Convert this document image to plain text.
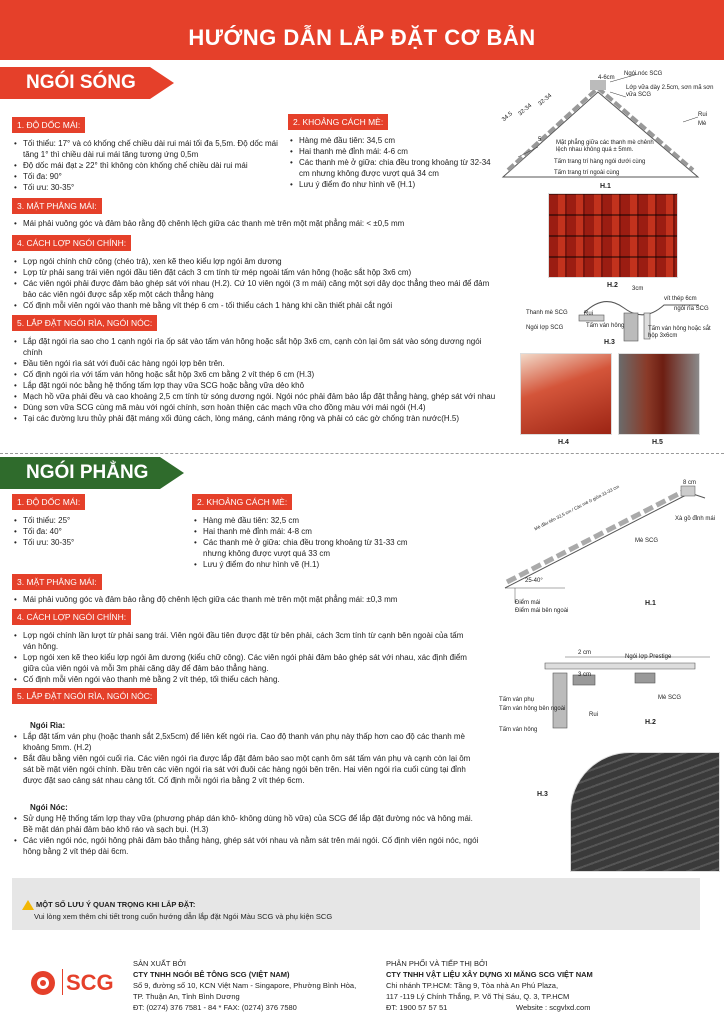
HƯỚNG DẪN LẮP ĐẶT CƠ BẢN
NGÓI SÓNG
1. ĐỘ DỐC MÁI:
• Tối thiểu: 17° và có khống chế chiều dài rui mái tối đa 5,5m. Độ dốc mái tăng 1° thì chiều dài rui mái tăng tương ứng 0,5m
• Độ dốc mái đạt ≥ 22° thì không còn khống chế chiều dài rui mái
• Tối đa: 90°
• Tối ưu: 30-35°
2. KHOẢNG CÁCH MÈ:
• Hàng mè đầu tiên: 34,5 cm
• Hai thanh mè đỉnh mái: 4-6 cm
• Các thanh mè ở giữa: chia đều trong khoảng từ 32-34 cm nhưng không được vượt quá 34 cm
• Lưu ý điểm đo như hình vẽ (H.1)
3. MẶT PHẲNG MÁI:
• Mái phải vuông góc và đảm bảo rằng độ chênh lệch giữa các thanh mè trên một mặt phẳng mái: < ±0,5 mm
4. CÁCH LỢP NGÓI CHÍNH:
• Lợp ngói chính chữ công (chéo trả), xen kẽ theo kiểu lợp ngói âm dương
• Lợp từ phải sang trái viên ngói đầu tiên đặt cách 3 cm tính từ mép ngoài tấm ván hông (hoặc sắt hộp 3x6 cm)
• Các viên ngói phải được đảm bảo ghép sát với nhau (H.2). Cứ 10 viên ngói (3 m mái) căng một sợi dây dọc thẳng theo mái để đảm bảo các viên ngói được sắp xếp một cách thẳng hàng
• Cố định mỗi viên ngói vào thanh mè bằng vít thép 6 cm - tối thiểu cách 1 hàng khi cần thiết phải cắt ngói
5. LẮP ĐẶT NGÓI RÌA, NGÓI NÓC:
• Lắp đặt ngói rìa sao cho 1 cạnh ngói rìa ốp sát vào tấm ván hông hoặc sắt hộp 3x6 cm, cạnh còn lại ôm sát vào sóng dương ngói chính
• Đầu tiên ngói rìa sát với đuôi các hàng ngói lợp bên trên.
• Cố định ngói rìa với tấm ván hông hoặc sắt hộp 3x6 cm bằng 2 vít thép 6 cm (H.3)
• Lắp đặt ngói nóc bằng hệ thống tấm lợp thay vữa SCG hoặc bằng vữa dẻo khô
• Mạch hồ vữa phải đều và cao khoảng 2,5 cm tính từ sóng dương ngói. Ngói nóc phải đảm bảo lắp đặt thẳng hàng, ghép sát với nhau
• Dùng sơn vữa SCG cùng mã màu với ngói chính, sơn hoàn thiện các mạch vữa cho đồng màu với mái ngói (H.4)
• Tại các đường lưu thủy phải đặt máng xối đúng cách, lòng máng, cánh máng rộng và phải có các gờ chống tràn nước(H.5)
Ngói nóc SCG
4-6cm
Lớp vữa dày 2.5cm, sơn mã sơn vữa SCG
34.5 32-34
32-34
Rui
Mè
5 Mặt phẳng giữa các thanh mè chênh lệch nhau không quá ± 5mm.
Tấm trang trí hàng ngói dưới cùng
Tấm trang trí ngoài cùng
H.1
H.2 3cm
vít thép 6cm
ngói rìa SCG
Thanh mè SCG	Rui
Ngói lợp SCG	Tấm ván hông	Tấm ván hông hoặc sắt hộp 3x6cm
H.3
H.4	H.5
NGÓI PHẲNG
1. ĐỘ DỐC MÁI:
• Tối thiểu: 25°
• Tối đa: 40°
• Tối ưu: 30-35°
2. KHOẢNG CÁCH MÈ:
• Hàng mè đầu tiên: 32,5 cm
• Hai thanh mè đỉnh mái: 4-8 cm
• Các thanh mè ở giữa: chia đều trong khoảng từ 31-33 cm nhưng không được vượt quá 33 cm
• Lưu ý điểm đo như hình vẽ (H.1)
3. MẶT PHẲNG MÁI:
• Mái phải vuông góc và đảm bảo rằng độ chênh lệch giữa các thanh mè trên một mặt phẳng mái: ±0,3 mm
4. CÁCH LỢP NGÓI CHÍNH:
• Lợp ngói chính lần lượt từ phải sang trái. Viên ngói đầu tiên được đặt từ bên phải, cách 3cm tính từ cạnh bên ngoài của tấm ván hông.
• Lợp ngói xen kẽ theo kiểu lợp ngói âm dương (kiểu chữ công). Các viên ngói phải đảm bảo ghép sát với nhau, xác định điểm giữa của viên ngói và mỗi 3m phải căng dây để đảm bảo thẳng hàng.
• Cố định mỗi viên ngói vào thanh mè bằng 2 vít thép, tối thiểu cách hàng.
5. LẮP ĐẶT NGÓI RÌA, NGÓI NÓC:

Ngói Rìa:

• Lắp đặt tấm ván phụ (hoặc thanh sắt 2,5x5cm) để liên kết ngói rìa. Cao độ thanh ván phụ này thấp hơn cao độ các thanh mè khoảng 5mm. (H.2)
• Bắt đầu bằng viên ngói cuối rìa. Các viên ngói rìa được lắp đặt đảm bảo sao một cạnh ôm sát tấm ván phụ và cạnh còn lại ôm sát bề mặt viên ngói chính. Đầu trên các viên ngói rìa sát với đuôi các hàng ngói bên trên. Hai viên ngói rìa cuối cùng tại đỉnh được đặt sao cảng sát nhau càng tốt. Cố định mỗi ngói rìa bằng 2 vít thép 6cm.

Ngói Nóc:

• Sử dụng Hệ thống tấm lợp thay vữa (phương pháp dán khô- không dùng hồ vữa) của SCG để lắp đặt đường nóc và hông mái. Bề mặt dán phải đảm bảo khô ráo và sạch bụi. (H.3)
• Các viên ngói nóc, ngói hông phải đảm bảo thẳng hàng, ghép sát với nhau và nằm sát trên mái ngói. Cố định viên ngói nóc, ngói hông bằng 2 vít thép dài 6cm.
8 cm
Xà gồ đỉnh mái
Mè SCG
25-40°
Mè đầu tiên 32,5 cm / Các mè ở giữa 31-33 cm
Điểm mái
Điểm mái bên ngoài
H.1
2 cm
3 cm
Ngói lợp Prestige
Mè SCG
Tấm ván phụ
Tấm ván hông bên ngoài
Rui
Tấm ván hông
H.2
H.3
MỘT SỐ LƯU Ý QUAN TRỌNG KHI LẮP ĐẶT:
Vui lòng xem thêm chi tiết trong cuốn hướng dẫn lắp đặt Ngói Màu SCG và phụ kiện SCG
SCG
SẢN XUẤT BỞI
CTY TNHH NGÓI BÊ TÔNG SCG (VIỆT NAM)
Số 9, đường số 10, KCN Việt Nam - Singapore, Phường Bình Hòa,
TP. Thuận An, Tỉnh Bình Dương
ĐT: (0274) 376 7581 - 84 * FAX: (0274) 376 7580
PHÂN PHỐI VÀ TIẾP THỊ BỞI
CTY TNHH VẬT LIỆU XÂY DỰNG XI MĂNG SCG VIỆT NAM
Chi nhánh TP.HCM: Tầng 9, Tòa nhà An Phú Plaza,
117 -119 Lý Chính Thắng, P. Võ Thị Sáu, Q. 3, TP.HCM
ĐT: 1900 57 57 51	Website : scgvlxd.com
